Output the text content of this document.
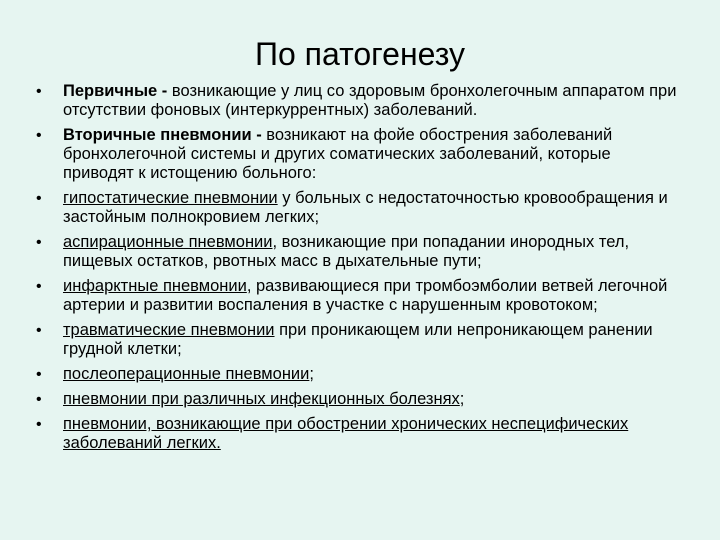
По патогенезу
• Первичные - возникающие у лиц со здоровым бронхолегочным аппаратом при отсутствии фоновых (интеркуррентных) заболеваний.
• Вторичные пневмонии - возникают на фойе обострения заболеваний бронхолегочной системы и других соматических заболеваний, которые приводят к истощению больного:
• гипостатические пневмонии у больных с недостаточностью кровообращения и застойным полнокровием легких;
• аспирационные пневмонии, возникающие при попадании инородных тел, пищевых остатков, рвотных масс в дыхательные пути;
• инфарктные пневмонии, развивающиеся при тромбоэмболии ветвей легочной артерии и развитии воспаления в участке с нарушенным кровотоком;
• травматические пневмонии при проникающем или непроникающем ранении грудной клетки;
• послеоперационные пневмонии;
• пневмонии при различных инфекционных болезнях;
• пневмонии, возникающие при обострении хронических неспецифических заболеваний легких.
